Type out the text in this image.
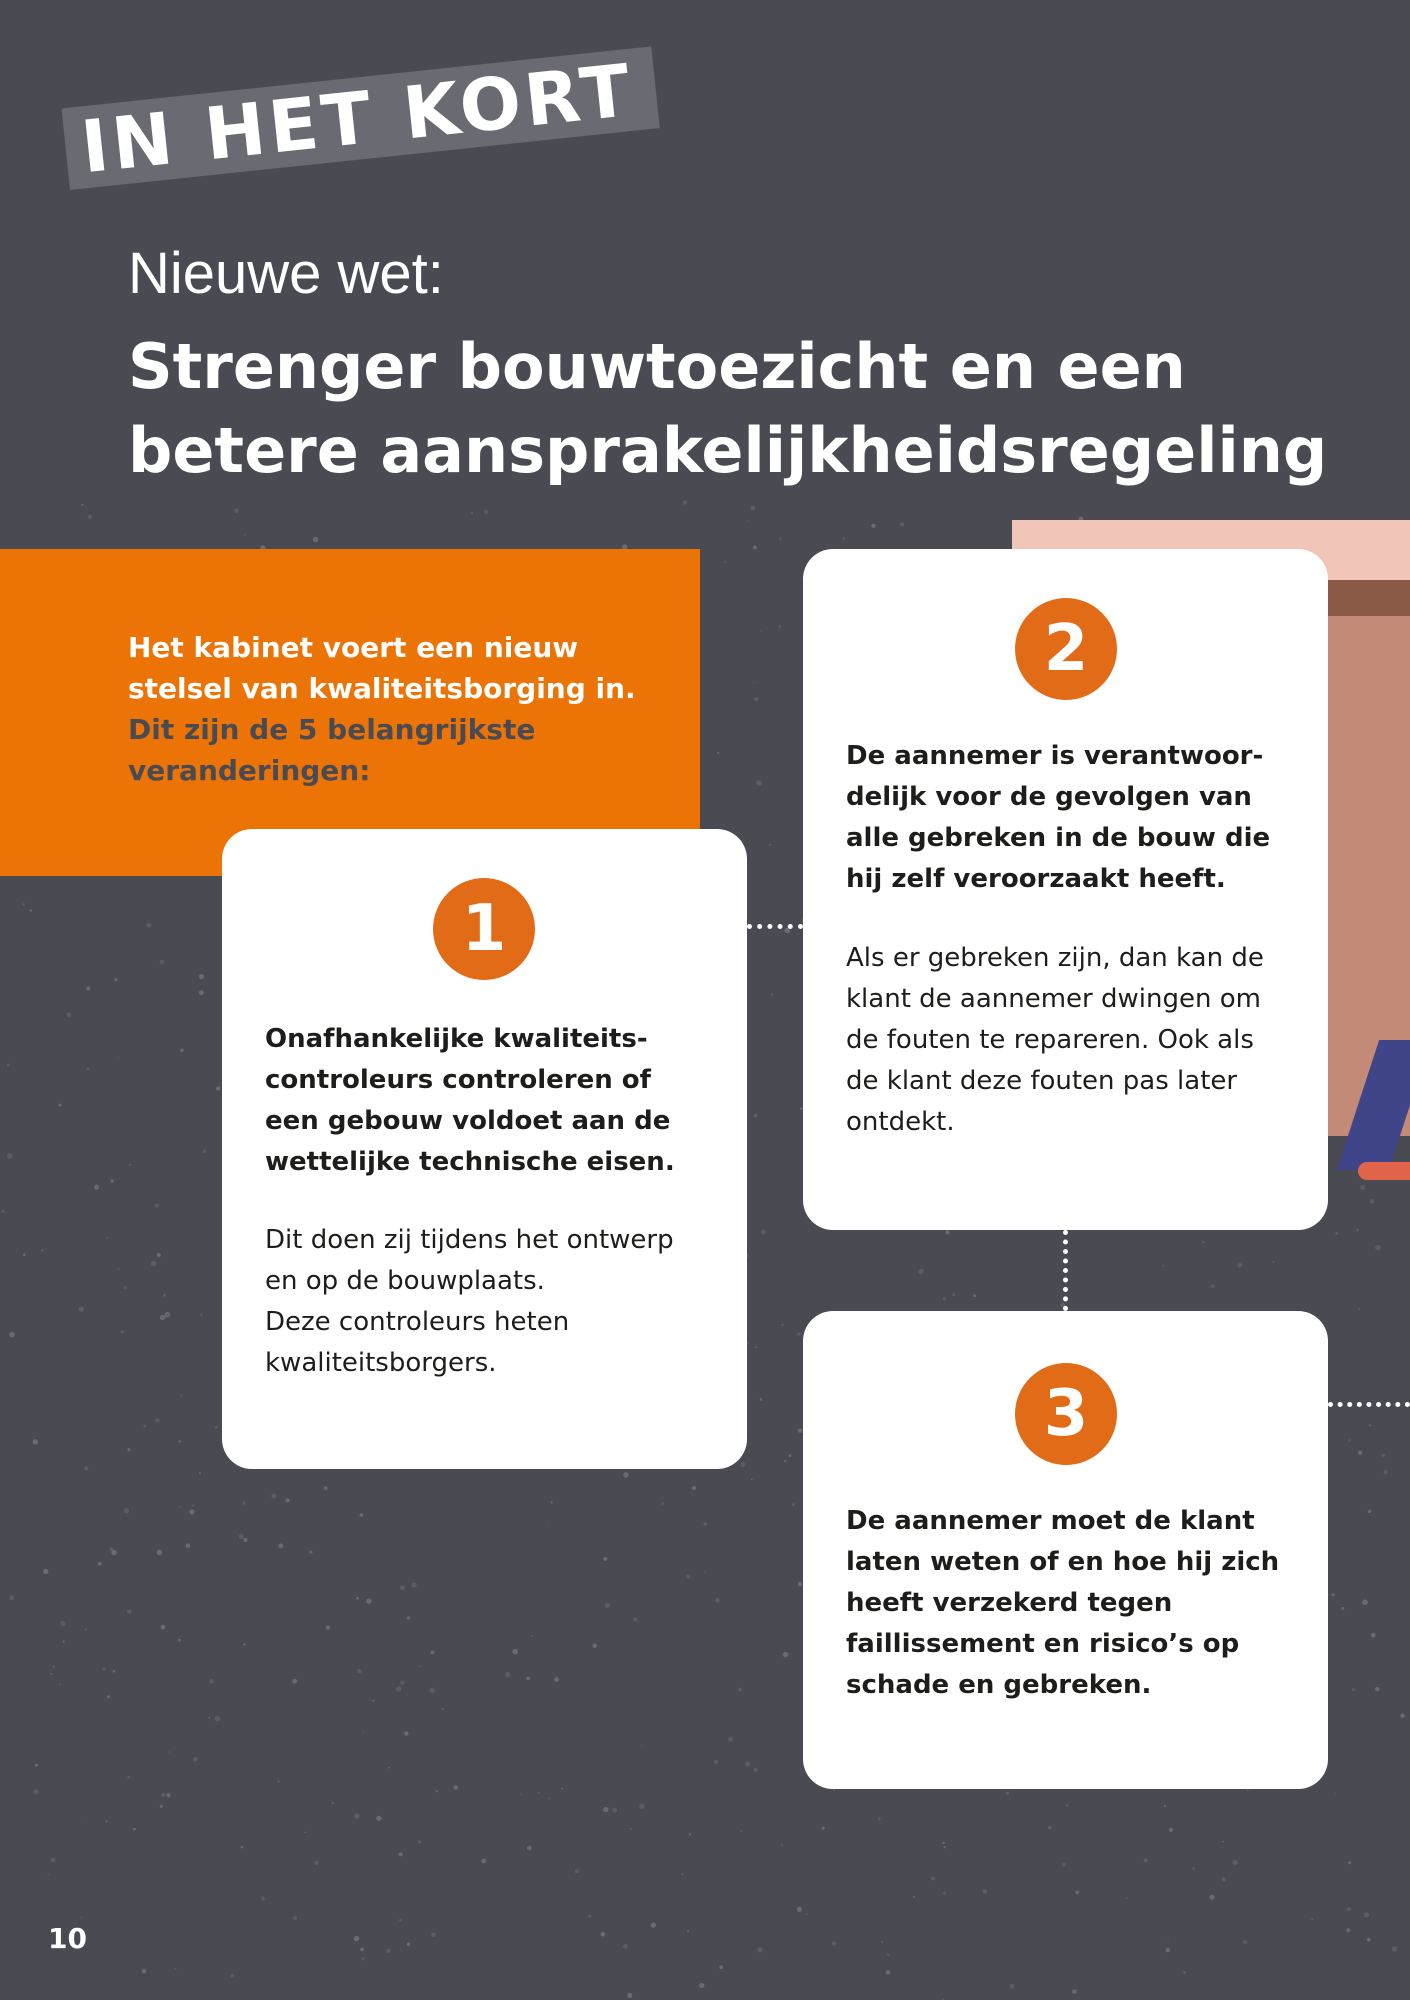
IN HET KORT
Nieuwe wet:
Strenger bouwtoezicht en een
betere aansprakelijkheidsregeling
Het kabinet voert een nieuw
stelsel van kwaliteitsborging in.
Dit zijn de 5 belangrijkste
veranderingen:
1
Onafhankelijke kwaliteits-
controleurs controleren of
een gebouw voldoet aan de
wettelijke technische eisen.
Dit doen zij tijdens het ontwerp
en op de bouwplaats.
Deze controleurs heten
kwaliteitsborgers.
2
De aannemer is verantwoor-
delijk voor de gevolgen van
alle gebreken in de bouw die
hij zelf veroorzaakt heeft.
Als er gebreken zijn, dan kan de
klant de aannemer dwingen om
de fouten te repareren. Ook als
de klant deze fouten pas later
ontdekt.
3
De aannemer moet de klant
laten weten of en hoe hij zich
heeft verzekerd tegen
faillissement en risico’s op
schade en gebreken.
10
